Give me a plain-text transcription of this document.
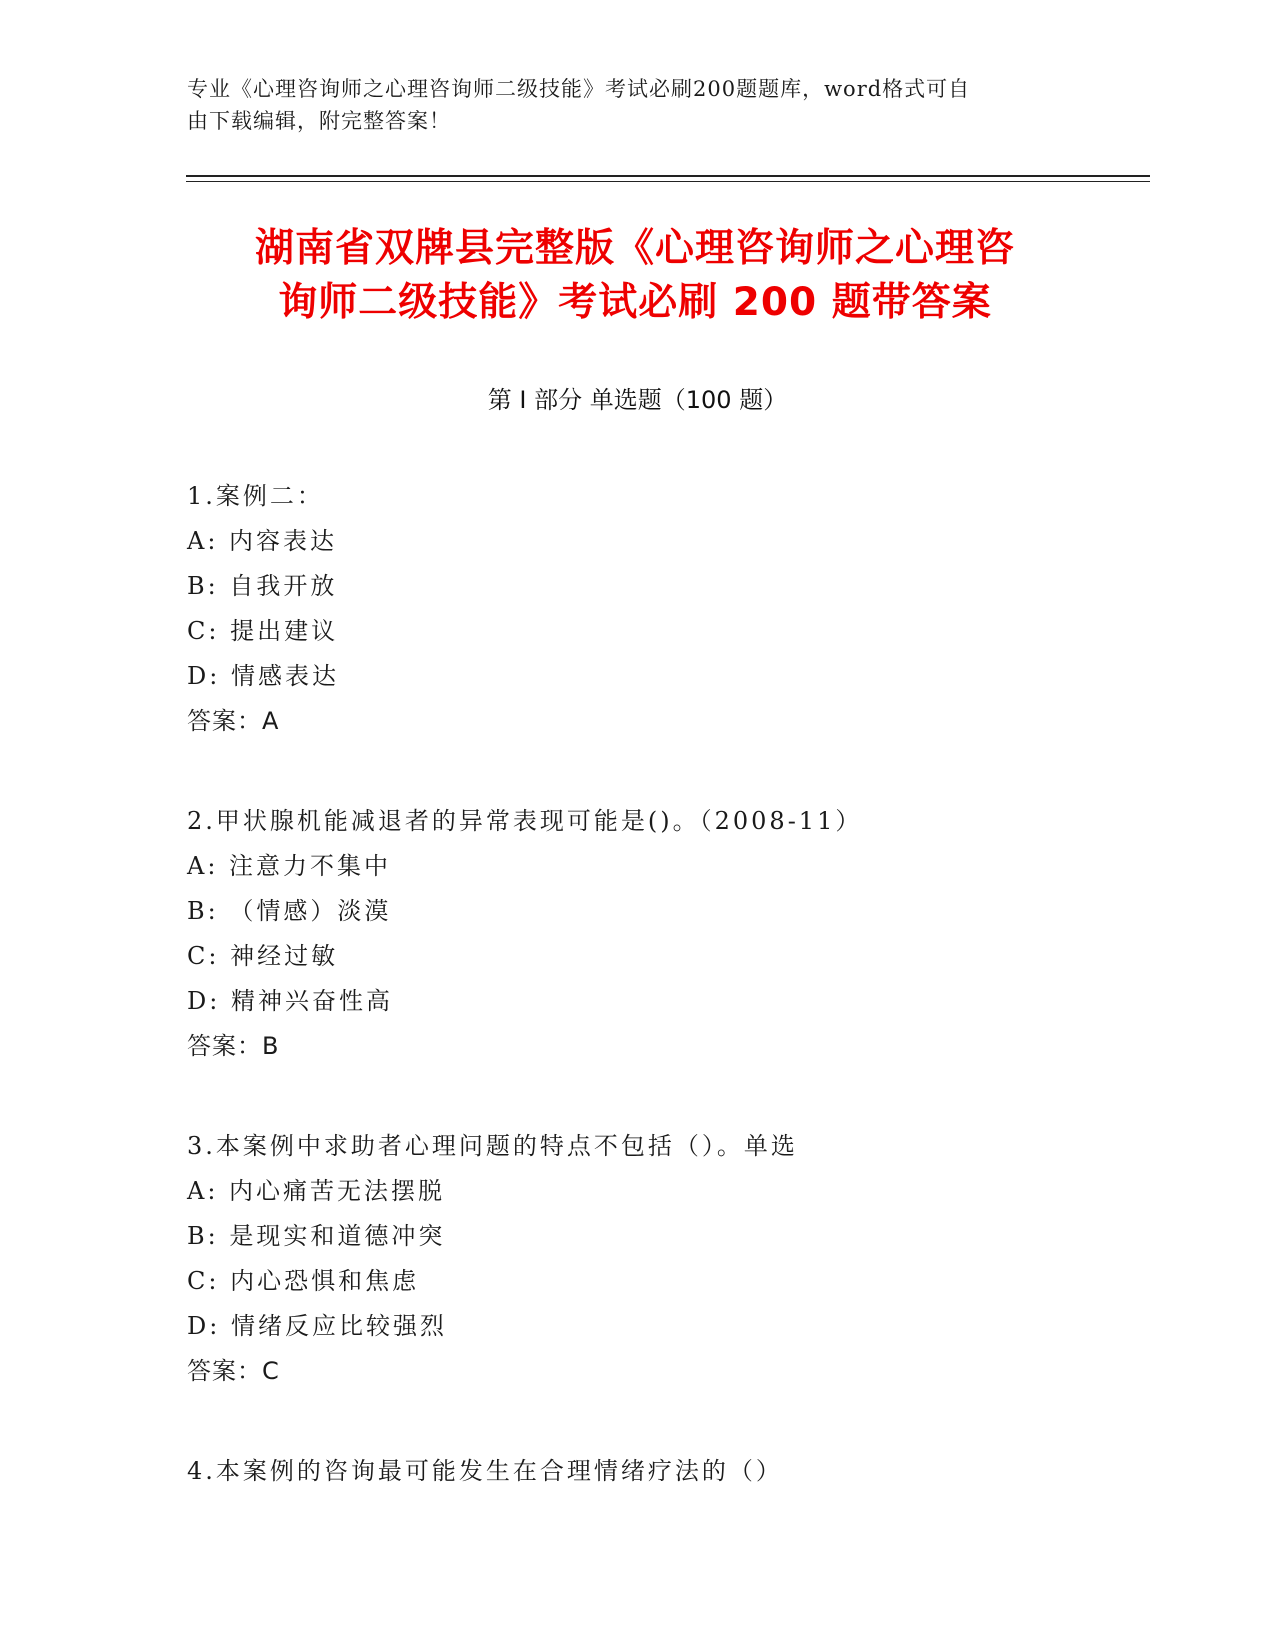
专业《心理咨询师之心理咨询师二级技能》考试必刷200题题库，word格式可自
由下载编辑，附完整答案！
湖南省双牌县完整版《心理咨询师之心理咨
询师二级技能》考试必刷 200 题带答案
第 I 部分 单选题（100 题）
1.案例二：
A: 内容表达
B: 自我开放
C: 提出建议
D: 情感表达
答案：A
2.甲状腺机能减退者的异常表现可能是()。（2008-11）
A: 注意力不集中
B: （情感）淡漠
C: 神经过敏
D: 精神兴奋性高
答案：B
3.本案例中求助者心理问题的特点不包括（）。单选
A: 内心痛苦无法摆脱
B: 是现实和道德冲突
C: 内心恐惧和焦虑
D: 情绪反应比较强烈
答案：C
4.本案例的咨询最可能发生在合理情绪疗法的（）
